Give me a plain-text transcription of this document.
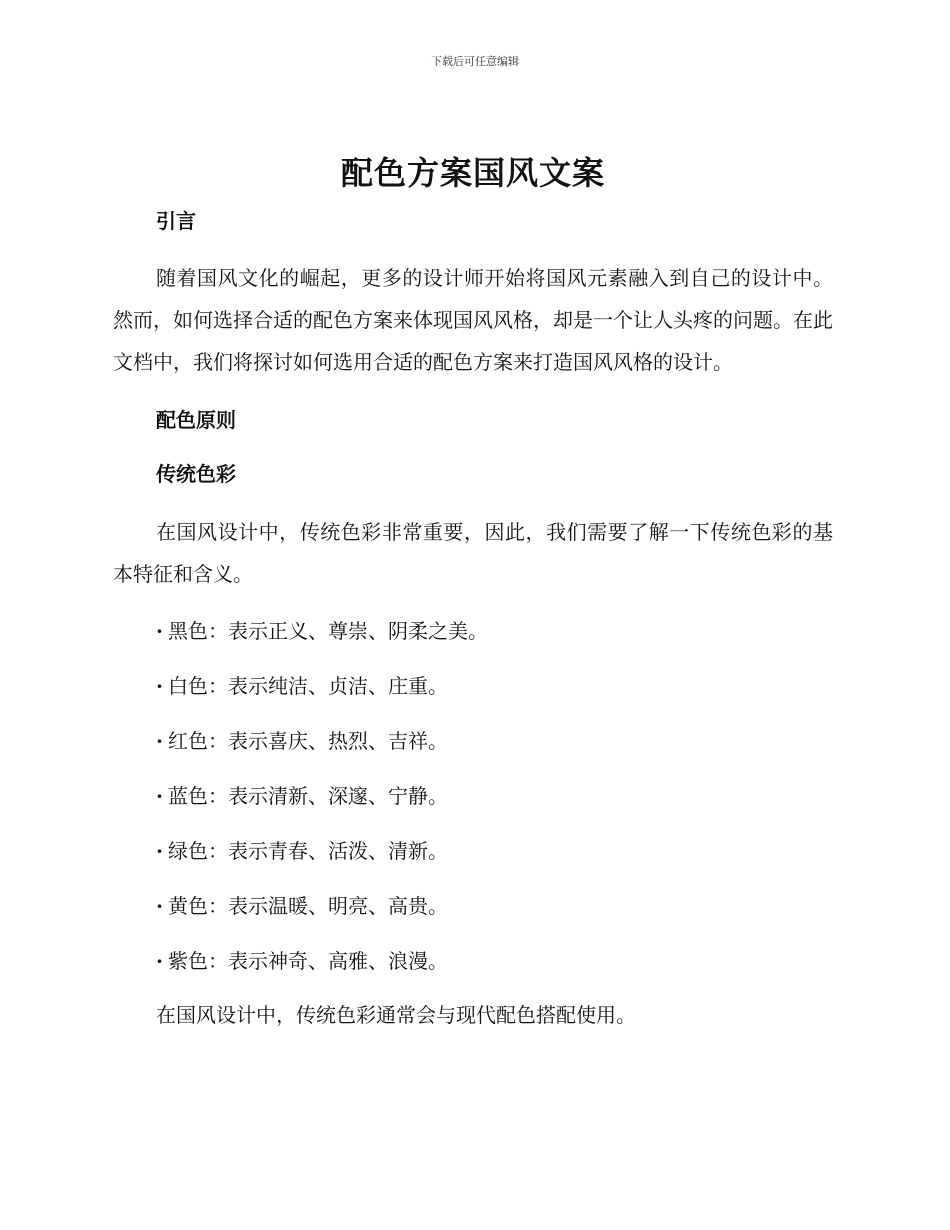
下载后可任意编辑
配色方案国风文案
引言

随着国风文化的崛起，更多的设计师开始将国风元素融入到自己的设计中。然而，如何选择合适的配色方案来体现国风风格，却是一个让人头疼的问题。在此文档中，我们将探讨如何选用合适的配色方案来打造国风风格的设计。

配色原则
传统色彩

在国风设计中，传统色彩非常重要，因此，我们需要了解一下传统色彩的基本特征和含义。

· 黑色：表示正义、尊崇、阴柔之美。
· 白色：表示纯洁、贞洁、庄重。
· 红色：表示喜庆、热烈、吉祥。
· 蓝色：表示清新、深邃、宁静。
· 绿色：表示青春、活泼、清新。
· 黄色：表示温暖、明亮、高贵。
· 紫色：表示神奇、高雅、浪漫。

在国风设计中，传统色彩通常会与现代配色搭配使用。
